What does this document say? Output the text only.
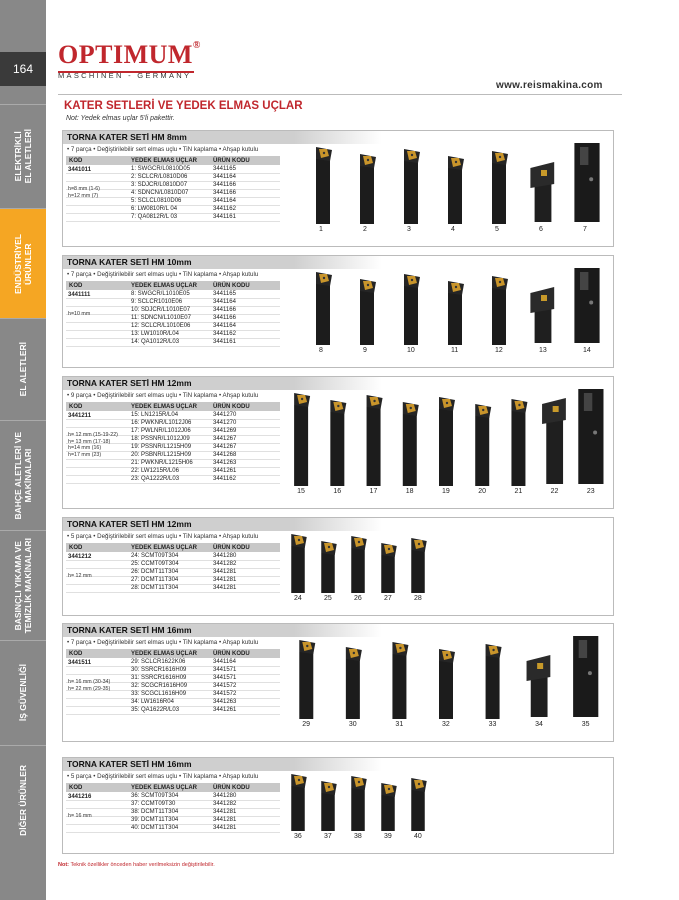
164
ELEKTRİKLİ
EL ALETLERİ
ENDÜSTRİYEL
ÜRÜNLER
EL ALETLERİ
BAHÇE ALETLERİ VE
MAKİNALARI
BASINÇLI YIKAMA VE
TEMİZLİK MAKİNALARI
İŞ GÜVENLİĞİ
DİĞER ÜRÜNLER
OPTIMUM®
MASCHINEN - GERMANY
www.reismakina.com
KATER SETLERİ VE YEDEK ELMAS UÇLAR
Not: Yedek elmas uçlar 5'li pakettir.
TORNA KATER SETİ HM 8mm
• 7 parça • Değiştirilebilir sert elmas uçlu • TiN kaplama • Ahşap kutulu
KOD	YEDEK ELMAS UÇLAR	ÜRÜN KODU
	1: SWGCR/L0810D05	3441165
	2: SCLCR/L0810D06	3441164
	3: SDJCR/L0810D07	3441166
	4: SDNCN/L0810D07	3441166
	5: SCLCL0810D06	3441164
	6: LW0810R/L 04	3441162
	7: QA0812R/L 03	3441161
3441011
h=8 mm (1-6)
h=12 mm (7)
1	2	3	4	5	6	7
TORNA KATER SETİ HM 10mm
• 7 parça • Değiştirilebilir sert elmas uçlu • TiN kaplama • Ahşap kutulu
KOD	YEDEK ELMAS UÇLAR	ÜRÜN KODU
	8: SWGCR/L1010E05	3441165
	9: SCLCR1010E06	3441164
	10: SDJCR/L1010E07	3441166
	11: SDNCN/L1010E07	3441166
	12: SCLCR/L1010E06	3441164
	13: LW1010R/L04	3441162
	14: QA1012R/L03	3441161
3441111
h=10 mm
8	9	10	11	12	13	14
TORNA KATER SETİ HM 12mm
• 9 parça • Değiştirilebilir sert elmas uçlu • TiN kaplama • Ahşap kutulu
KOD	YEDEK ELMAS UÇLAR	ÜRÜN KODU
	15: LN1215R/L04	3441270
	16: PWKNR/L1012J06	3441270
	17: PWLNR/L1012J06	3441269
	18: PSSNR/L1012J09	3441267
	19: PSSNR/L1215H09	3441267
	20: PSBNR/L1215H09	3441268
	21: PWKNR/L1215H06	3441263
	22: LW1215R/L06	3441261
	23: QA1222R/L03	3441162
3441211
h= 12 mm (15-19-22)
h= 13 mm (17-18)
h=14 mm (16)
h=17 mm (23)
15	16	17	18	19	20	21	22	23
TORNA KATER SETİ HM 12mm
• 5 parça • Değiştirilebilir sert elmas uçlu • TiN kaplama • Ahşap kutulu
KOD	YEDEK ELMAS UÇLAR	ÜRÜN KODU
	24: SCMT09T304	3441280
	25: CCMT09T304	3441282
	26: DCMT11T304	3441281
	27: DCMT11T304	3441281
	28: DCMT11T304	3441281
3441212
h= 12 mm
24	25	26	27	28
TORNA KATER SETİ HM 16mm
• 7 parça • Değiştirilebilir sert elmas uçlu • TiN kaplama • Ahşap kutulu
KOD	YEDEK ELMAS UÇLAR	ÜRÜN KODU
	29: SCLCR1622K06	3441164
	30: SSRCR1616H09	3441571
	31: SSRCR1616H09	3441571
	32: SCGCR1616H09	3441572
	33: SCGCL1616H09	3441572
	34: LW1616R04	3441263
	35: QA1622R/L03	3441261
3441511
h= 16 mm (30-34)
h= 22 mm (29-35)
29	30	31	32	33	34	35
TORNA KATER SETİ HM 16mm
• 5 parça • Değiştirilebilir sert elmas uçlu • TiN kaplama • Ahşap kutulu
KOD	YEDEK ELMAS UÇLAR	ÜRÜN KODU
	36: SCMT09T304	3441280
	37: CCMT09T30	3441282
	38: DCMT11T304	3441281
	39: DCMT11T304	3441281
	40: DCMT11T304	3441281
3441216
h= 16 mm
36	37	38	39	40
Not: Teknik özellikler önceden haber verilmeksizin değiştirilebilir.
